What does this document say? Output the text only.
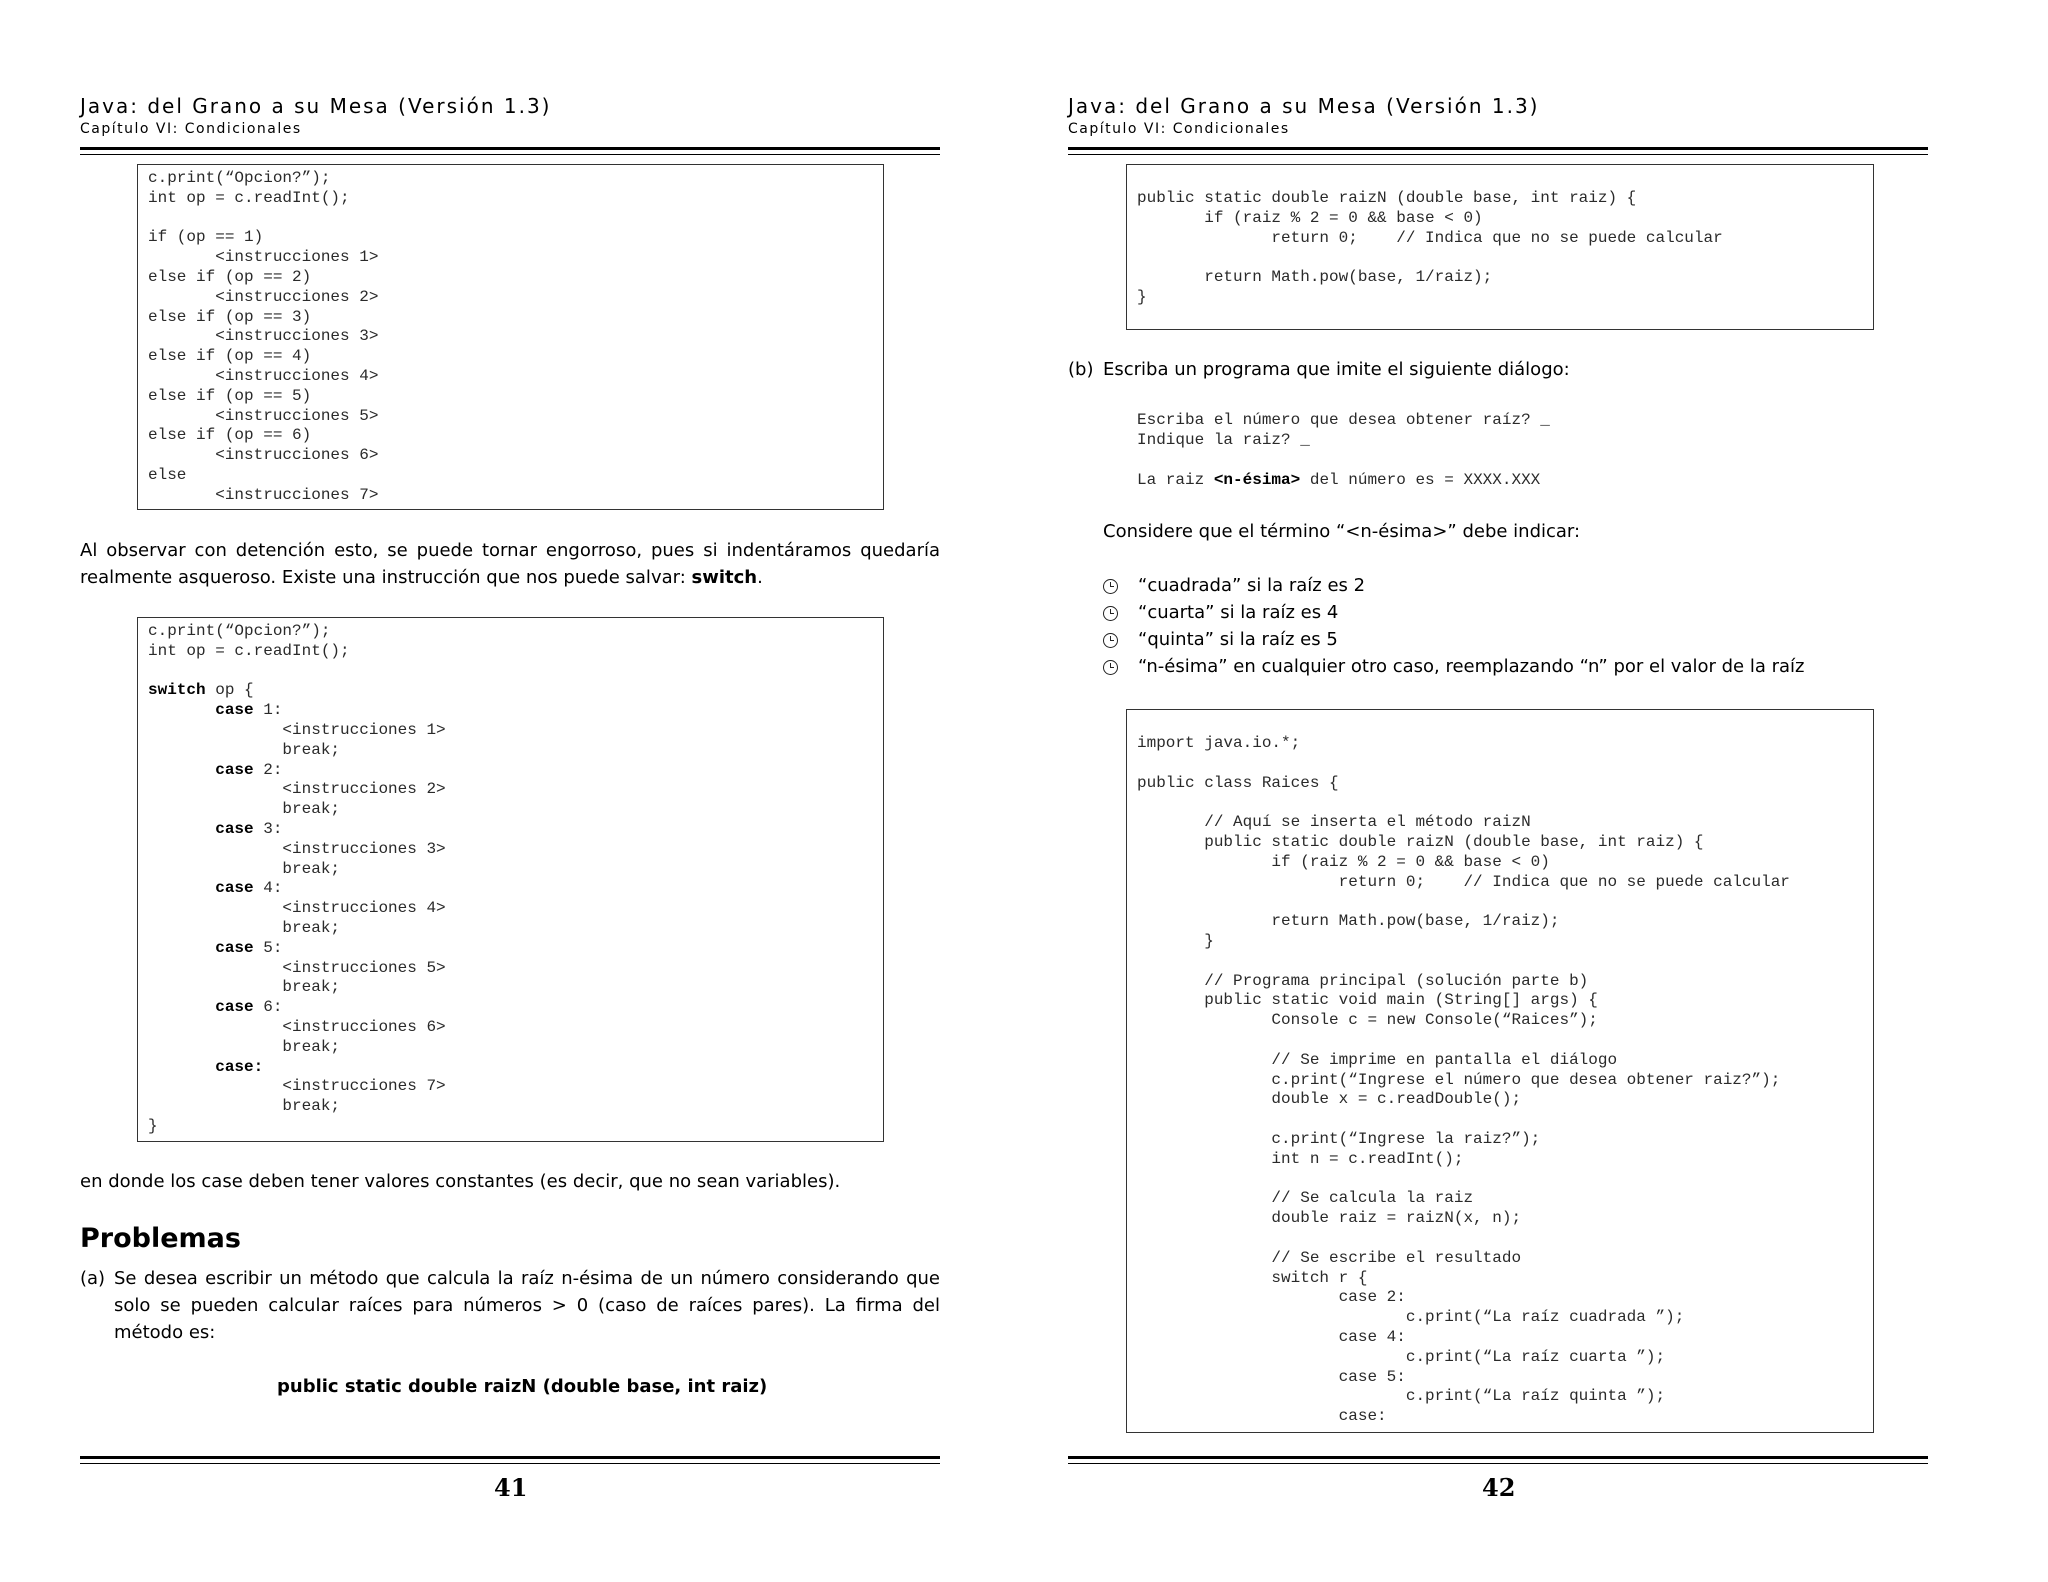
Java: del Grano a su Mesa (Versión 1.3)
Capítulo VI: Condicionales
c.print(“Opcion?”);
int op = c.readInt();

if (op == 1)
<instrucciones 1>
else if (op == 2)
<instrucciones 2>
else if (op == 3)
<instrucciones 3>
else if (op == 4)
<instrucciones 4>
else if (op == 5)
<instrucciones 5>
else if (op == 6)
<instrucciones 6>
else
<instrucciones 7>
Al observar con detención esto, se puede tornar engorroso, pues si indentáramos quedaría realmente asqueroso. Existe una instrucción que nos puede salvar: switch.
c.print(“Opcion?”);
int op = c.readInt();

switch op {
case 1:
<instrucciones 1>
break;
case 2:
<instrucciones 2>
break;
case 3:
<instrucciones 3>
break;
case 4:
<instrucciones 4>
break;
case 5:
<instrucciones 5>
break;
case 6:
<instrucciones 6>
break;
case:
<instrucciones 7>
break;
}
en donde los case deben tener valores constantes (es decir, que no sean variables).
Problemas
(a) Se desea escribir un método que calcula la raíz n-ésima de un número considerando que solo se pueden calcular raíces para números > 0 (caso de raíces pares). La firma del método es:
public static double raizN (double base, int raiz)
41
Java: del Grano a su Mesa (Versión 1.3)
Capítulo VI: Condicionales
public static double raizN (double base, int raiz) {
if (raiz % 2 = 0 && base < 0)
return 0;    // Indica que no se puede calcular

return Math.pow(base, 1/raiz);
}
(b) Escriba un programa que imite el siguiente diálogo:
Escriba el número que desea obtener raíz? _
Indique la raiz? _
La raiz <n-ésima> del número es = XXXX.XXX
Considere que el término “<n-ésima>” debe indicar:
“cuadrada” si la raíz es 2
“cuarta” si la raíz es 4
“quinta” si la raíz es 5
“n-ésima” en cualquier otro caso, reemplazando “n” por el valor de la raíz
import java.io.*;

public class Raices {

// Aquí se inserta el método raizN
public static double raizN (double base, int raiz) {
if (raiz % 2 = 0 && base < 0)
return 0;    // Indica que no se puede calcular

return Math.pow(base, 1/raiz);
}

// Programa principal (solución parte b)
public static void main (String[] args) {
Console c = new Console(“Raices”);

// Se imprime en pantalla el diálogo
c.print(“Ingrese el número que desea obtener raiz?”);
double x = c.readDouble();

c.print(“Ingrese la raiz?”);
int n = c.readInt();

// Se calcula la raiz
double raiz = raizN(x, n);

// Se escribe el resultado
switch r {
case 2:
c.print(“La raíz cuadrada ”);
case 4:
c.print(“La raíz cuarta ”);
case 5:
c.print(“La raíz quinta ”);
case:
42
